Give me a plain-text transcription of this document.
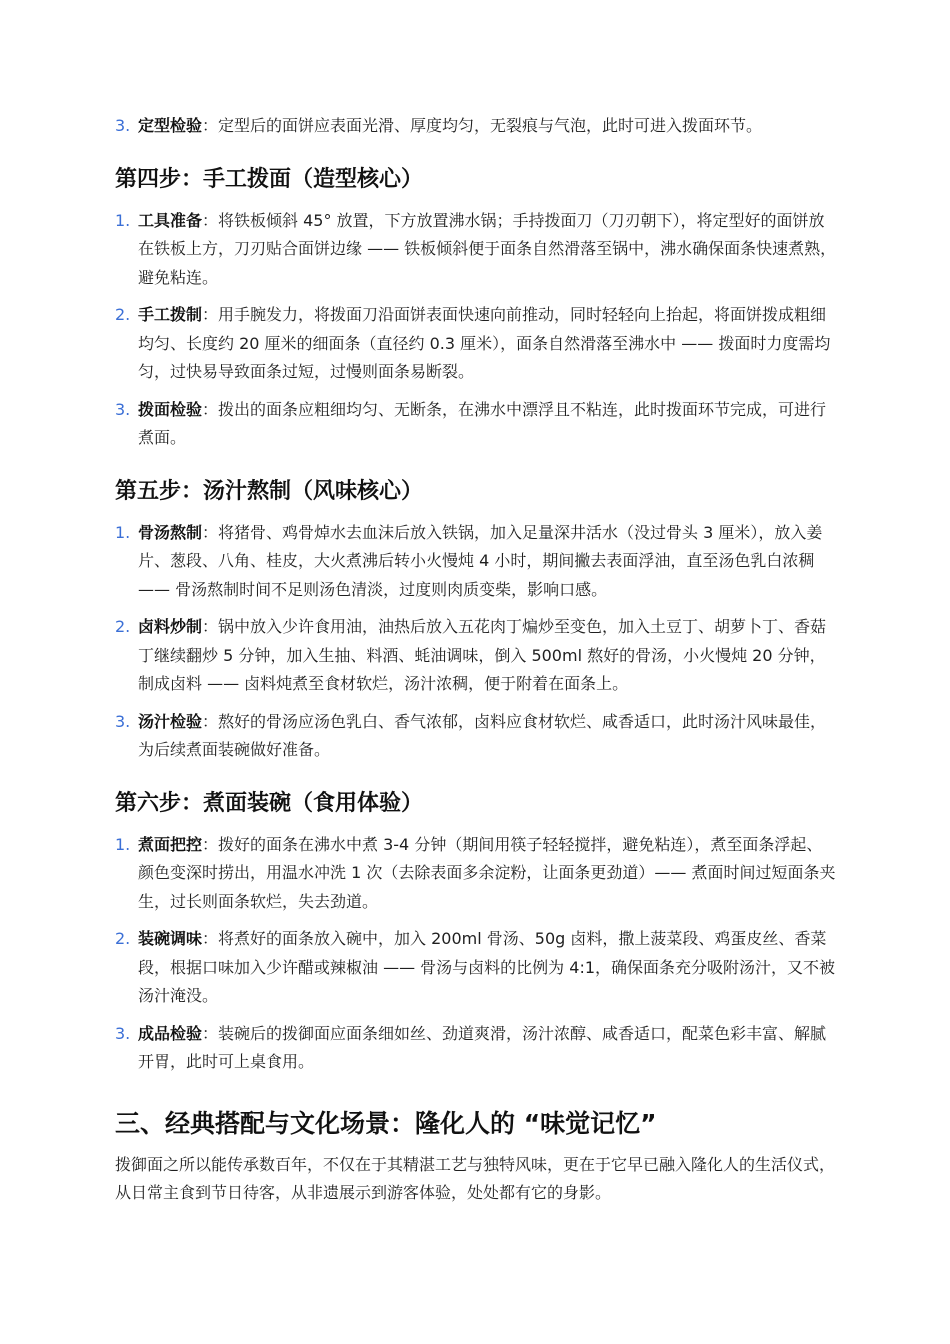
3. 定型检验：定型后的面饼应表面光滑、厚度均匀，无裂痕与气泡，此时可进入拨面环节。
第四步：手工拨面（造型核心）
1. 工具准备：将铁板倾斜 45° 放置，下方放置沸水锅；手持拨面刀（刀刃朝下），将定型好的面饼放在铁板上方，刀刃贴合面饼边缘 —— 铁板倾斜便于面条自然滑落至锅中，沸水确保面条快速煮熟，避免粘连。
2. 手工拨制：用手腕发力，将拨面刀沿面饼表面快速向前推动，同时轻轻向上抬起，将面饼拨成粗细均匀、长度约 20 厘米的细面条（直径约 0.3 厘米），面条自然滑落至沸水中 —— 拨面时力度需均匀，过快易导致面条过短，过慢则面条易断裂。
3. 拨面检验：拨出的面条应粗细均匀、无断条，在沸水中漂浮且不粘连，此时拨面环节完成，可进行煮面。
第五步：汤汁熬制（风味核心）
1. 骨汤熬制：将猪骨、鸡骨焯水去血沫后放入铁锅，加入足量深井活水（没过骨头 3 厘米），放入姜片、葱段、八角、桂皮，大火煮沸后转小火慢炖 4 小时，期间撇去表面浮油，直至汤色乳白浓稠 —— 骨汤熬制时间不足则汤色清淡，过度则肉质变柴，影响口感。
2. 卤料炒制：锅中放入少许食用油，油热后放入五花肉丁煸炒至变色，加入土豆丁、胡萝卜丁、香菇丁继续翻炒 5 分钟，加入生抽、料酒、蚝油调味，倒入 500ml 熬好的骨汤，小火慢炖 20 分钟，制成卤料 —— 卤料炖煮至食材软烂，汤汁浓稠，便于附着在面条上。
3. 汤汁检验：熬好的骨汤应汤色乳白、香气浓郁，卤料应食材软烂、咸香适口，此时汤汁风味最佳，为后续煮面装碗做好准备。
第六步：煮面装碗（食用体验）
1. 煮面把控：拨好的面条在沸水中煮 3-4 分钟（期间用筷子轻轻搅拌，避免粘连），煮至面条浮起、颜色变深时捞出，用温水冲洗 1 次（去除表面多余淀粉，让面条更劲道）—— 煮面时间过短面条夹生，过长则面条软烂，失去劲道。
2. 装碗调味：将煮好的面条放入碗中，加入 200ml 骨汤、50g 卤料，撒上菠菜段、鸡蛋皮丝、香菜段，根据口味加入少许醋或辣椒油 —— 骨汤与卤料的比例为 4:1，确保面条充分吸附汤汁，又不被汤汁淹没。
3. 成品检验：装碗后的拨御面应面条细如丝、劲道爽滑，汤汁浓醇、咸香适口，配菜色彩丰富、解腻开胃，此时可上桌食用。
三、经典搭配与文化场景：隆化人的 “味觉记忆”

拨御面之所以能传承数百年，不仅在于其精湛工艺与独特风味，更在于它早已融入隆化人的生活仪式，从日常主食到节日待客，从非遗展示到游客体验，处处都有它的身影。
